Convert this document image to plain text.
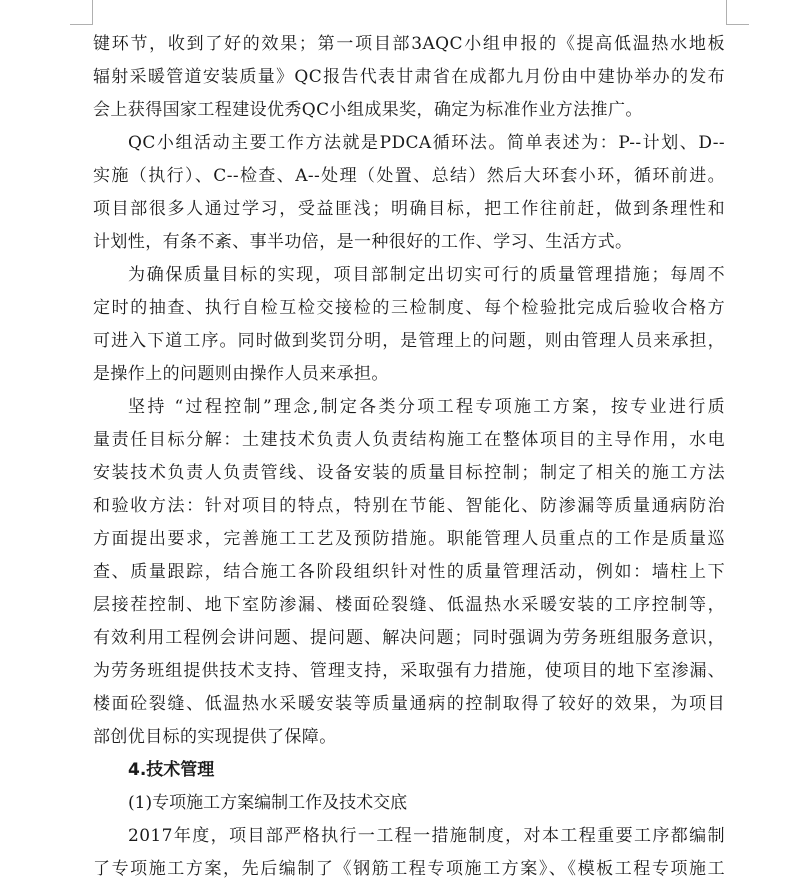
键环节，收到了好的效果；第一项目部3AQC小组申报的《提高低温热水地板
辐射采暖管道安装质量》QC报告代表甘肃省在成都九月份由中建协举办的发布
会上获得国家工程建设优秀QC小组成果奖，确定为标准作业方法推广。
QC小组活动主要工作方法就是PDCA循环法。简单表述为：P--计划、D--
实施（执行）、C--检查、A--处理（处置、总结）然后大环套小环，循环前进。
项目部很多人通过学习，受益匪浅；明确目标，把工作往前赶，做到条理性和
计划性，有条不紊、事半功倍，是一种很好的工作、学习、生活方式。
为确保质量目标的实现，项目部制定出切实可行的质量管理措施；每周不
定时的抽查、执行自检互检交接检的三检制度、每个检验批完成后验收合格方
可进入下道工序。同时做到奖罚分明，是管理上的问题，则由管理人员来承担，
是操作上的问题则由操作人员来承担。
坚持 “过程控制”理念,制定各类分项工程专项施工方案，按专业进行质
量责任目标分解：土建技术负责人负责结构施工在整体项目的主导作用，水电
安装技术负责人负责管线、设备安装的质量目标控制；制定了相关的施工方法
和验收方法：针对项目的特点，特别在节能、智能化、防渗漏等质量通病防治
方面提出要求，完善施工工艺及预防措施。职能管理人员重点的工作是质量巡
查、质量跟踪，结合施工各阶段组织针对性的质量管理活动，例如：墙柱上下
层接茬控制、地下室防渗漏、楼面砼裂缝、低温热水采暖安装的工序控制等，
有效利用工程例会讲问题、提问题、解决问题；同时强调为劳务班组服务意识，
为劳务班组提供技术支持、管理支持，采取强有力措施，使项目的地下室渗漏、
楼面砼裂缝、低温热水采暖安装等质量通病的控制取得了较好的效果，为项目
部创优目标的实现提供了保障。
4.技术管理
(1)专项施工方案编制工作及技术交底
2017年度，项目部严格执行一工程一措施制度，对本工程重要工序都编制
了专项施工方案，先后编制了《钢筋工程专项施工方案》、《模板工程专项施工
